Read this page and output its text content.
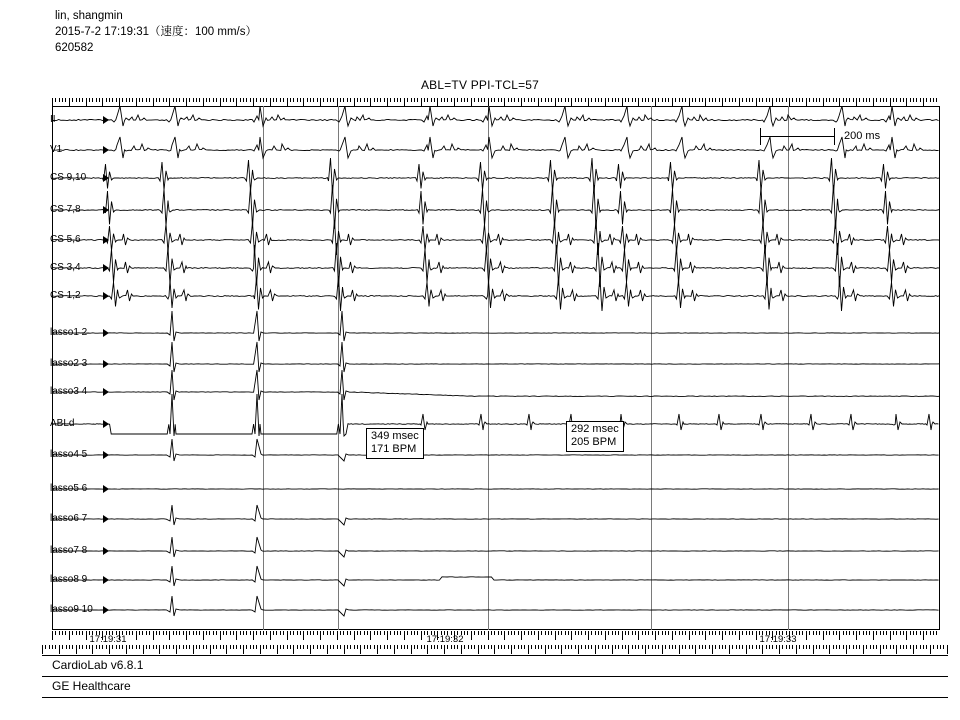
lin, shangmin
2015-7-2 17:19:31（速度：100 mm/s）
620582
ABL=TV PPI-TCL=57
II
V1
CS 9,10
CS 7,8
CS 5,6
CS 3,4
CS 1,2
lasso1 2
lasso2 3
lasso3 4
ABLd
lasso4 5
lasso5 6
lasso6 7
lasso7 8
lasso8 9
lasso9 10
200 ms
349 msec
171 BPM
292 msec
205 BPM
17:19:31	17:19:32	17:19:33
CardioLab v6.8.1
GE Healthcare
